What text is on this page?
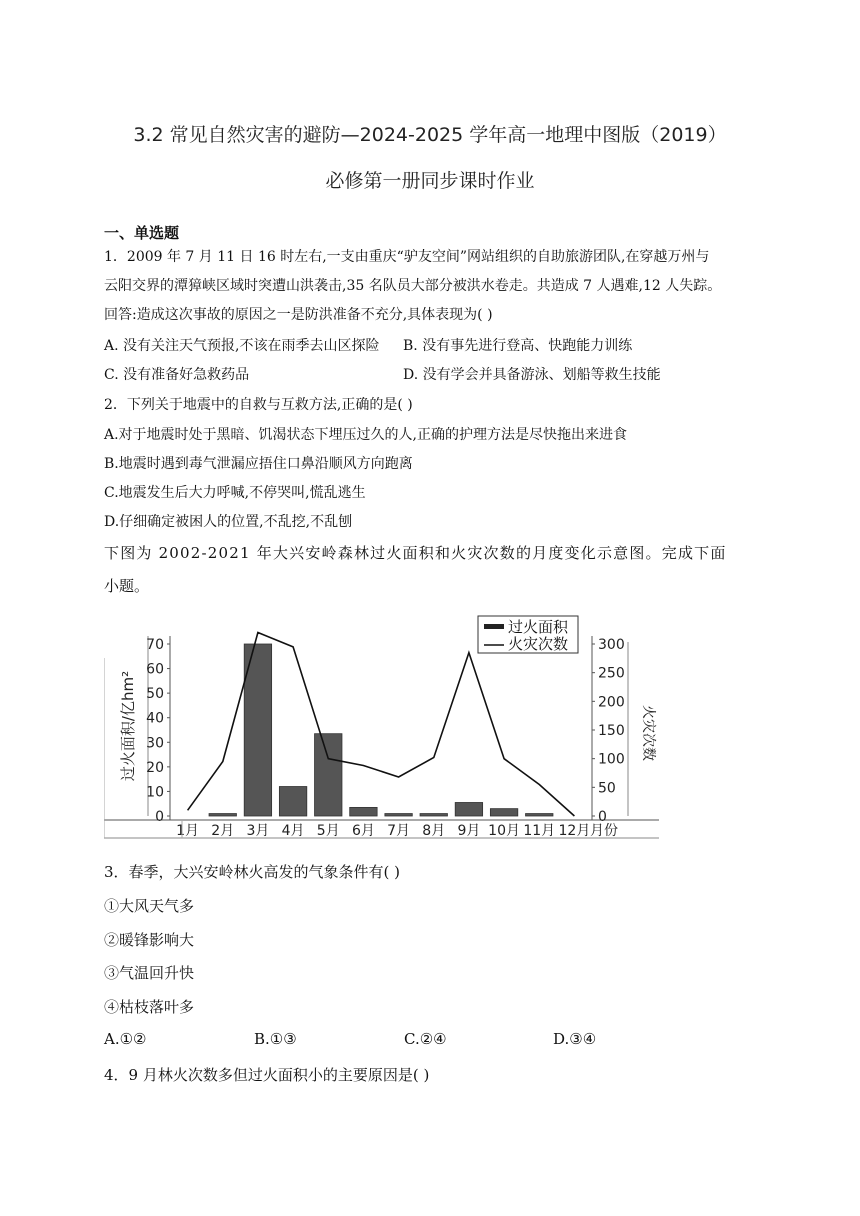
3.2 常见自然灾害的避防—2024-2025 学年高一地理中图版（2019）
必修第一册同步课时作业
一、单选题
1．2009 年 7 月 11 日 16 时左右,一支由重庆“驴友空间”网站组织的自助旅游团队,在穿越万州与
云阳交界的潭獐峡区域时突遭山洪袭击,35 名队员大部分被洪水卷走。共造成 7 人遇难,12 人失踪。
回答:造成这次事故的原因之一是防洪准备不充分,具体表现为( )
A. 没有关注天气预报,不该在雨季去山区探险 B. 没有事先进行登高、快跑能力训练
C. 没有准备好急救药品	D. 没有学会并具备游泳、划船等救生技能
2．下列关于地震中的自救与互救方法,正确的是( )
A.对于地震时处于黑暗、饥渴状态下埋压过久的人,正确的护理方法是尽快拖出来进食
B.地震时遇到毒气泄漏应捂住口鼻沿顺风方向跑离
C.地震发生后大力呼喊,不停哭叫,慌乱逃生
D.仔细确定被困人的位置,不乱挖,不乱刨
下图为 2002-2021 年大兴安岭森林过火面积和火灾次数的月度变化示意图。完成下面
小题。
0
10
20
30
40
50
60
70
0
50
100
150
200
250
300
1月 2月 3月 4月 5月 6月 7月 8月 9月 10月 11月 12月 月份
过火面积
火灾次数
过火面积/亿hm²	火灾次数
3．春季，大兴安岭林火高发的气象条件有( )
①大风天气多
②暖锋影响大
③气温回升快
④枯枝落叶多
A.①②	B.①③	C.②④	D.③④
4．9 月林火次数多但过火面积小的主要原因是( )
